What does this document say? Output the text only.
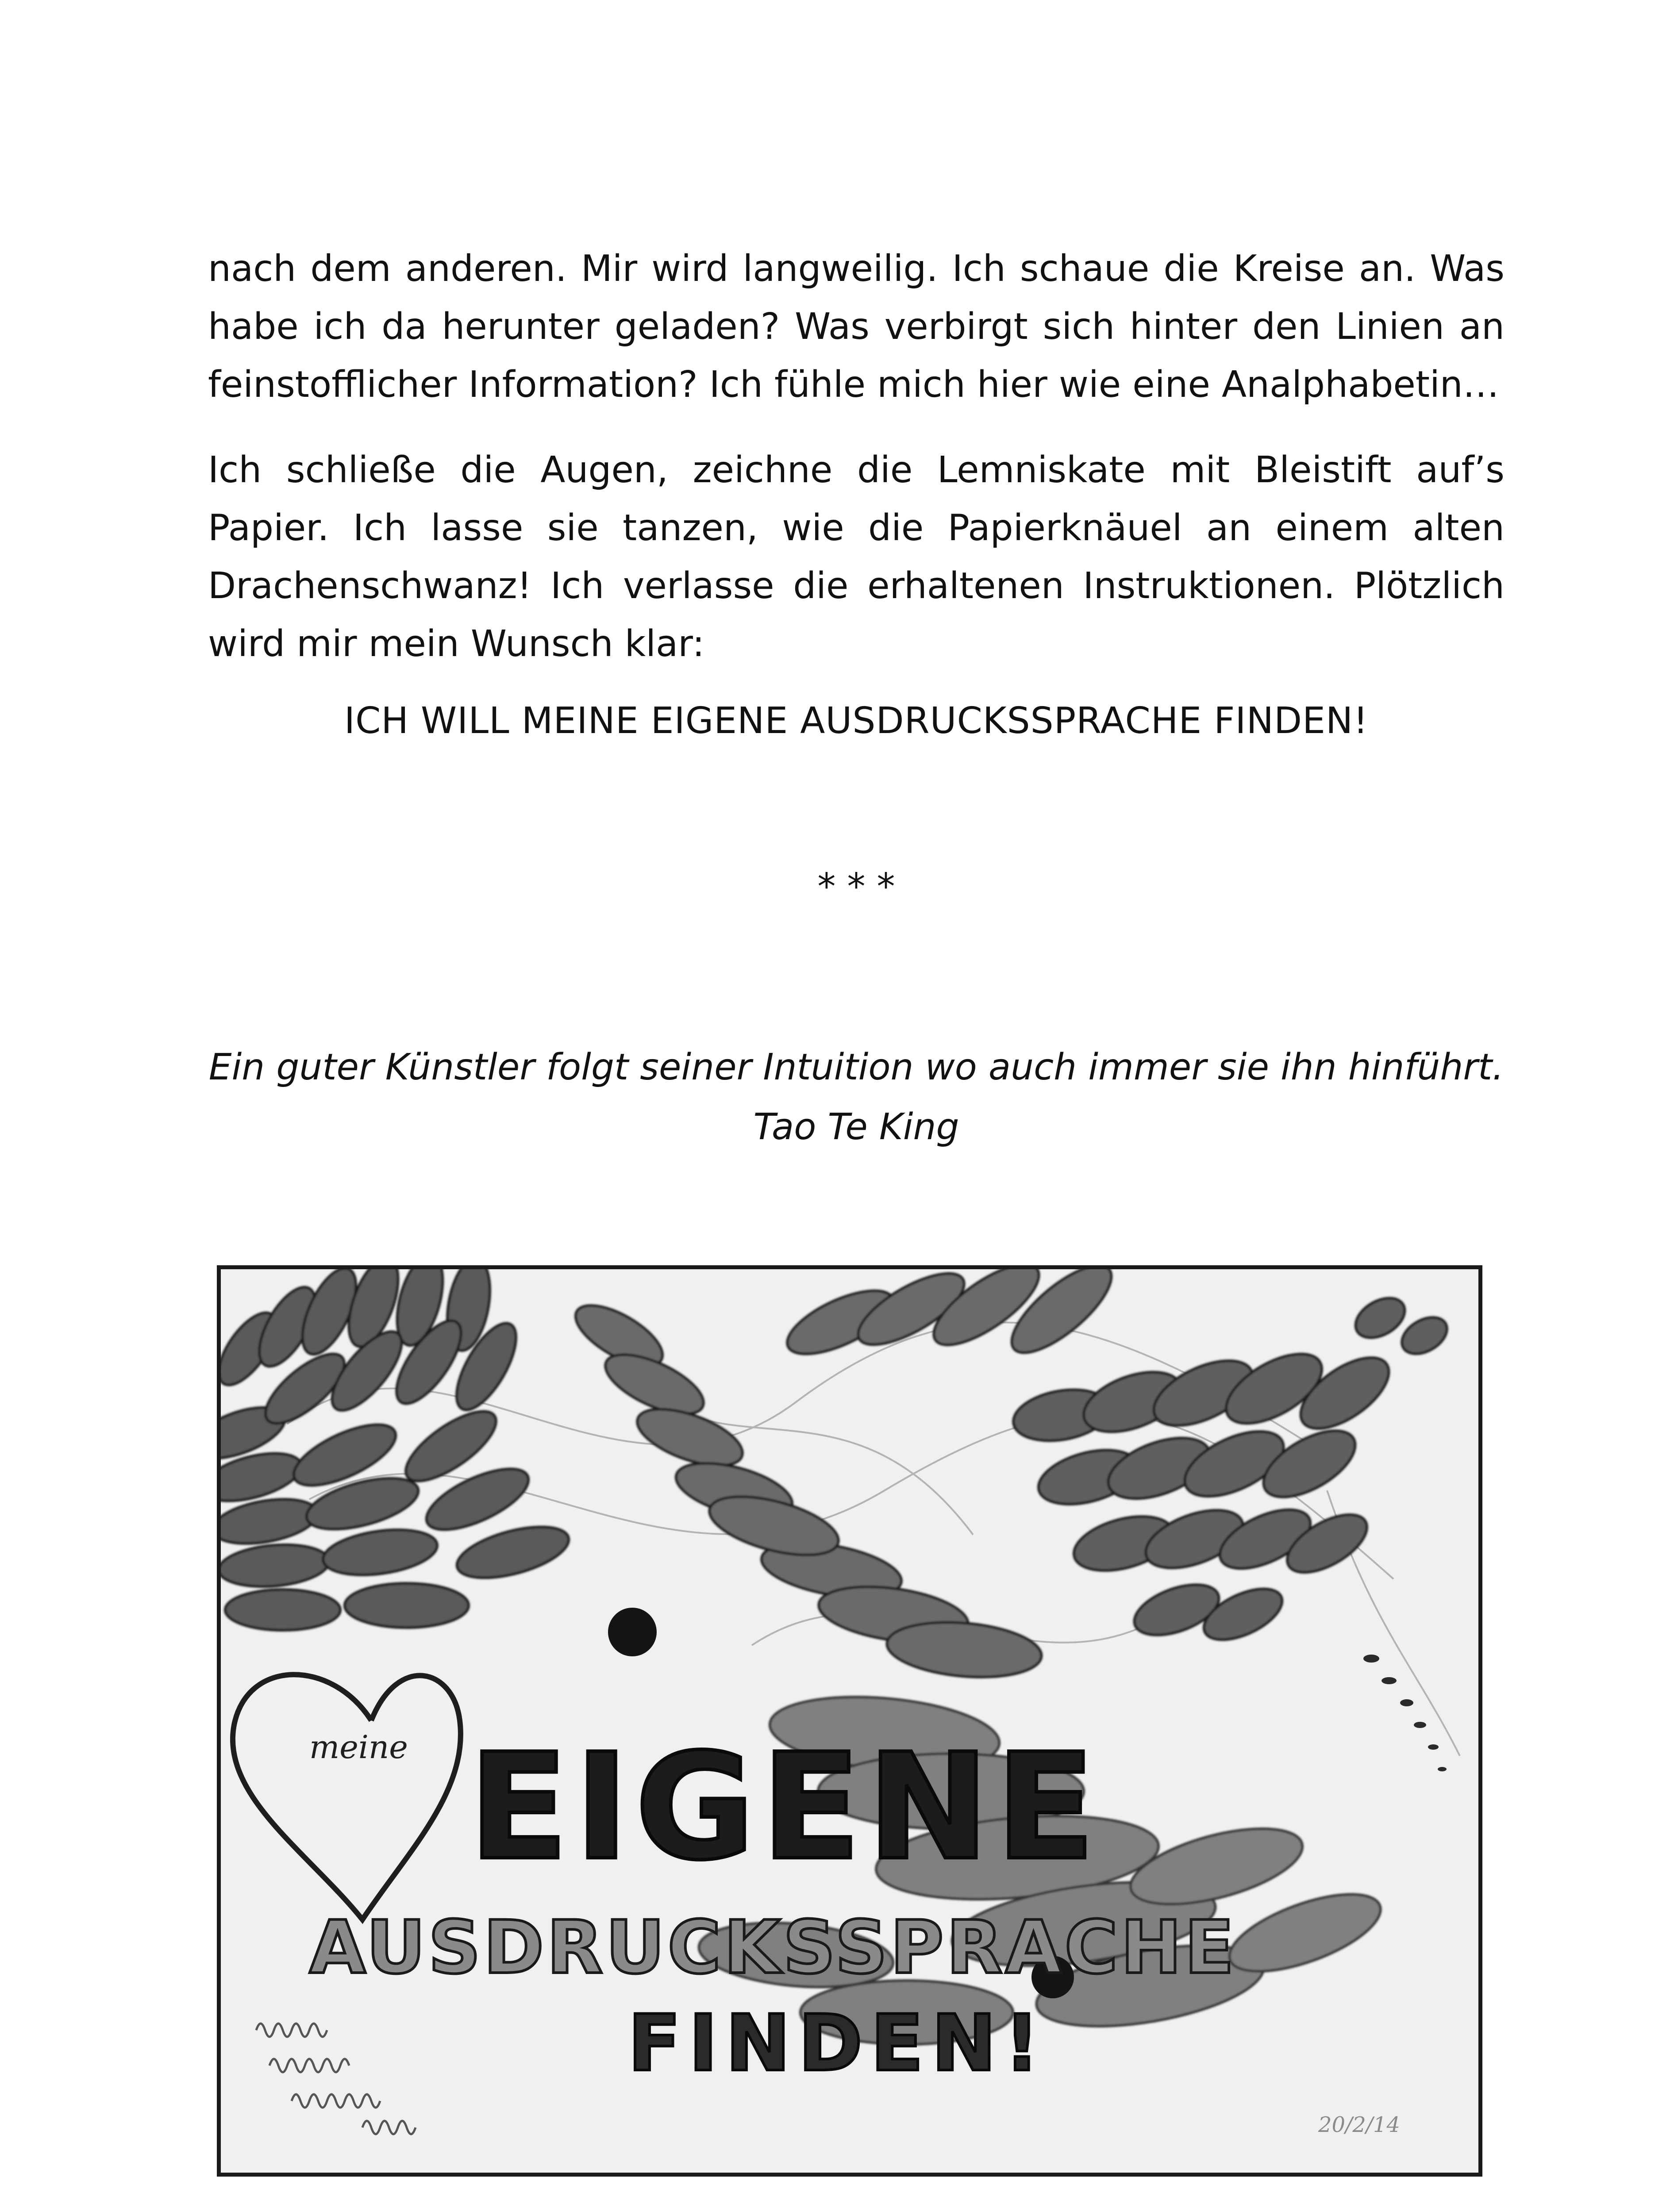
nach dem anderen. Mir wird langweilig. Ich schaue die Kreise an. Was habe ich da herunter geladen? Was verbirgt sich hinter den Linien an feinstofflicher Information? Ich fühle mich hier wie eine Analphabetin…

Ich schließe die Augen, zeichne die Lemniskate mit Bleistift auf’s Papier. Ich lasse sie tanzen, wie die Papierknäuel an einem alten Drachenschwanz! Ich verlasse die erhaltenen Instruktionen. Plötzlich wird mir mein Wunsch klar:

ICH WILL MEINE EIGENE AUSDRUCKSSPRACHE FINDEN!
* * *
Ein guter Künstler folgt seiner Intuition wo auch immer sie ihn hinführt.
Tao Te King
meine EIGENE
AUSDRUCKSSPRACHE
FINDEN!
20/2/14
